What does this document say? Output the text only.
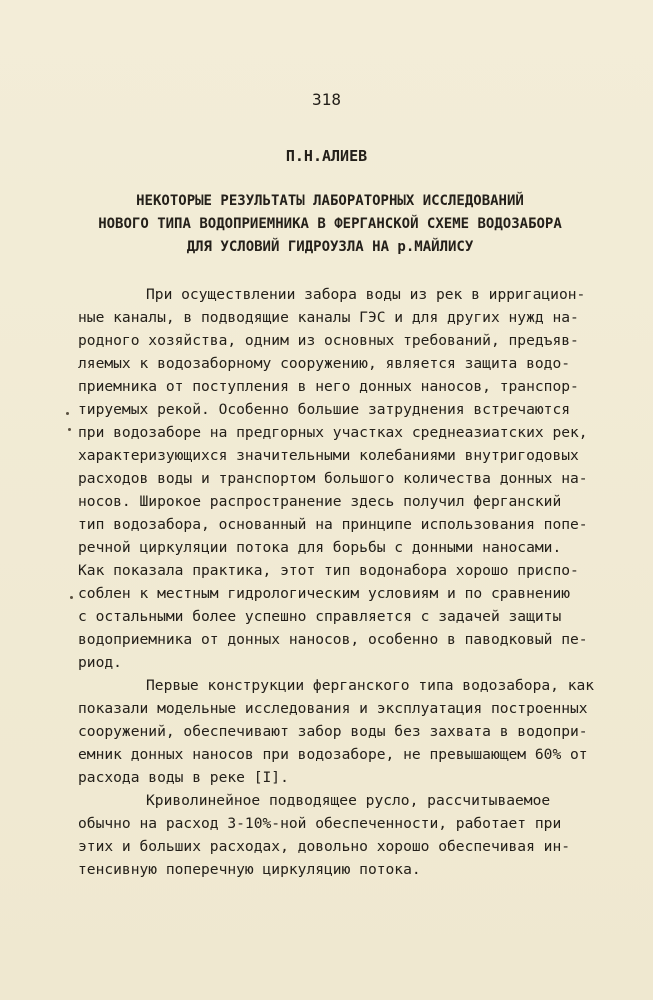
318
П.Н.АЛИЕВ
НЕКОТОРЫЕ РЕЗУЛЬТАТЫ ЛАБОРАТОРНЫХ ИССЛЕДОВАНИЙ
НОВОГО ТИПА ВОДОПРИЕМНИКА В ФЕРГАНСКОЙ СХЕМЕ ВОДОЗАБОРА
ДЛЯ УСЛОВИЙ ГИДРОУЗЛА НА р.МАЙЛИСУ
При осуществлении забора воды из рек в ирригацион-
ные каналы, в подводящие каналы ГЭС и для других нужд на-
родного хозяйства, одним из основных требований, предъяв-
ляемых к водозаборному сооружению, является защита водо-
приемника от поступления в него донных наносов, транспор-
тируемых рекой. Особенно большие затруднения встречаются
при водозаборе на предгорных участках среднеазиатских рек,
характеризующихся значительными колебаниями внутригодовых
расходов воды и транспортом большого количества донных на-
носов. Широкое распространение здесь получил ферганский
тип водозабора, основанный на принципе использования попе-
речной циркуляции потока для борьбы с донными наносами.
Как показала практика, этот тип водонабора хорошо приспо-
соблен к местным гидрологическим условиям и по сравнению
с остальными более успешно справляется с задачей защиты
водоприемника от донных наносов, особенно в паводковый пе-
риод.
Первые конструкции ферганского типа водозабора, как
показали модельные исследования и эксплуатация построенных
сооружений, обеспечивают забор воды без захвата в водопри-
емник донных наносов при водозаборе, не превышающем 60% от
расхода воды в реке [I].
Криволинейное подводящее русло, рассчитываемое
обычно на расход 3-10%-ной обеспеченности, работает при
этих и больших расходах, довольно хорошо обеспечивая ин-
тенсивную поперечную циркуляцию потока.
